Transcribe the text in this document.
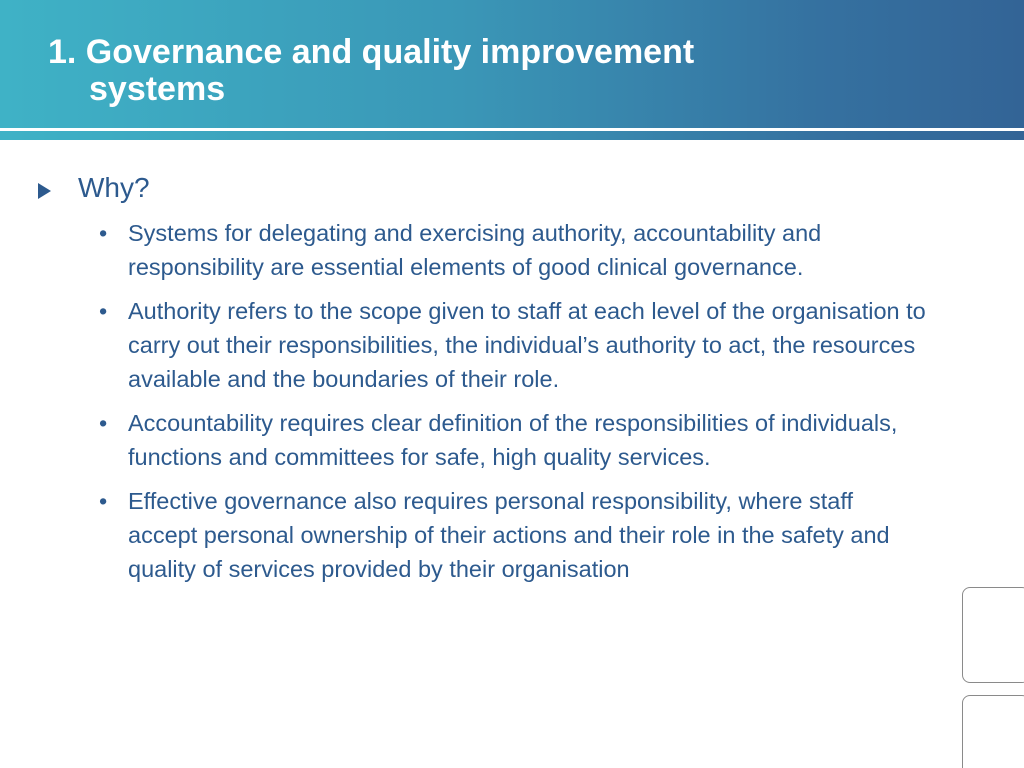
1. Governance and quality improvement
systems
Why?
• Systems for delegating and exercising authority, accountability and responsibility are essential elements of good clinical governance.
• Authority refers to the scope given to staff at each level of the organisation to carry out their responsibilities, the individual’s authority to act, the resources available and the boundaries of their role.
• Accountability requires clear definition of the responsibilities of individuals, functions and committees for safe, high quality services.
• Effective governance also requires personal responsibility, where staff accept personal ownership of their actions and their role in the safety and quality of services provided by their organisation
